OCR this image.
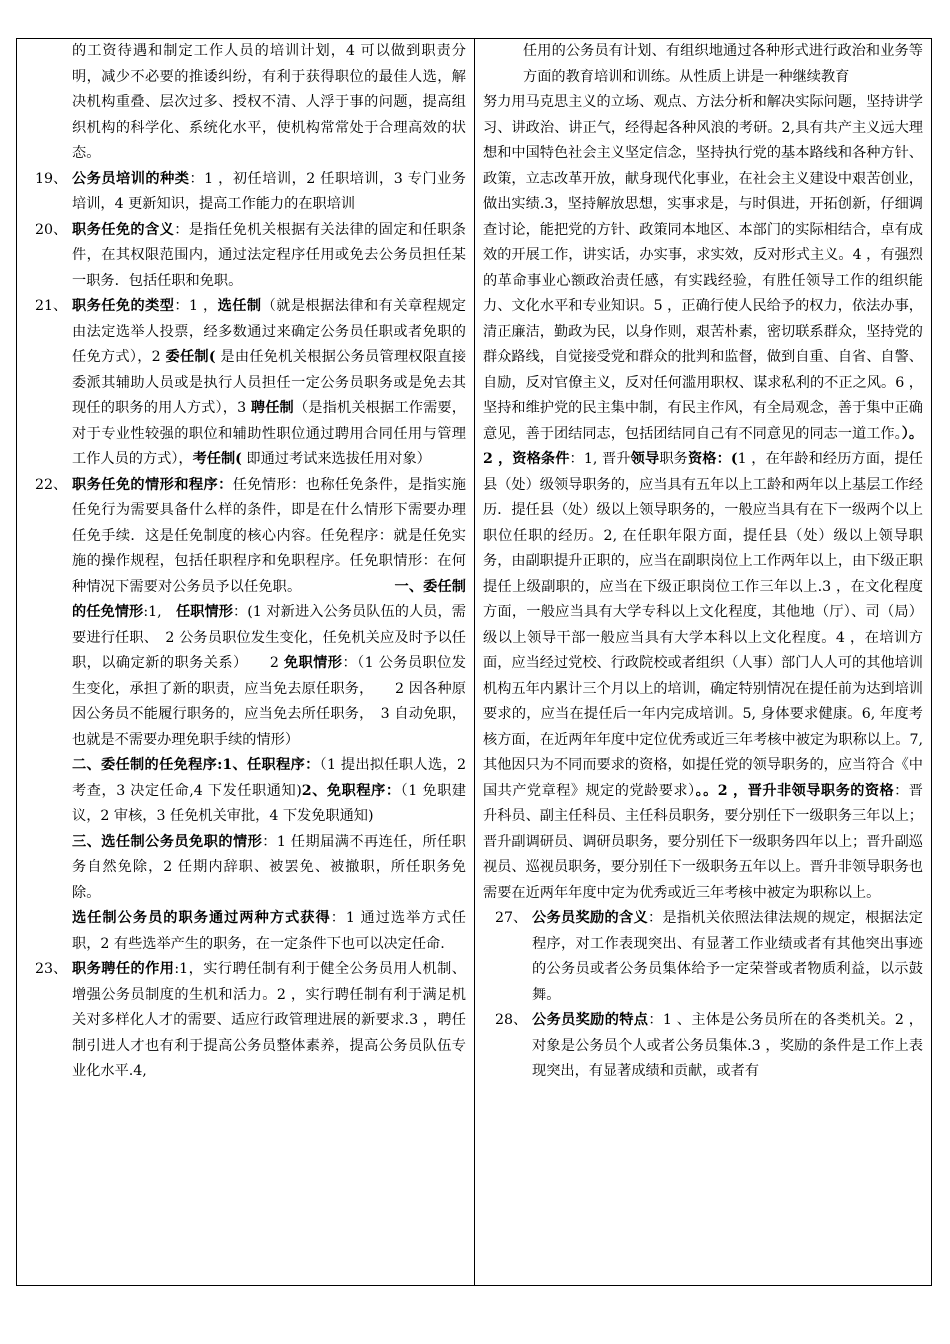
的工资待遇和制定工作人员的培训计划，4 可以做到职责分明，减少不必要的推诿纠纷，有利于获得职位的最佳人选，解决机构重叠、层次过多、授权不清、人浮于事的问题，提高组织机构的科学化、系统化水平，使机构常常处于合理高效的状态。

19、 公务员培训的种类：1 ，初任培训，2 任职培训，3 专门业务培训，4 更新知识，提高工作能力的在职培训
20、 职务任免的含义：是指任免机关根据有关法律的固定和任职条件，在其权限范围内，通过法定程序任用或免去公务员担任某一职务．包括任职和免职。
21、 职务任免的类型：1 ，选任制（就是根据法律和有关章程规定由法定选举人投票，经多数通过来确定公务员任职或者免职的任免方式），2 委任制( 是由任免机关根据公务员管理权限直接委派其辅助人员或是执行人员担任一定公务员职务或是免去其现任的职务的用人方式），3 聘任制（是指机关根据工作需要，对于专业性较强的职位和辅助性职位通过聘用合同任用与管理工作人员的方式），考任制( 即通过考试来选拔任用对象）
22、 职务任免的情形和程序：任免情形：也称任免条件，是指实施任免行为需要具备什么样的条件，即是在什么情形下需要办理任免手续．这是任免制度的核心内容。任免程序：就是任免实施的操作规程，包括任职程序和免职程序。任免职情形：在何种情况下需要对公务员予以任免职。　　　　　　　一、委任制的任免情形:1,　任职情形：(1 对新进入公务员队伍的人员，需要进行任职、　2 公务员职位发生变化，任免机关应及时予以任职，以确定新的职务关系）　　2 免职情形：（1 公务员职位发生变化，承担了新的职责，应当免去原任职务，　　2 因各种原因公务员不能履行职务的，应当免去所任职务，　3 自动免职，也就是不需要办理免职手续的情形）

二、委任制的任免程序:1、任职程序：（1 提出拟任职人选，2 考查，3 决定任命,4 下发任职通知)2、免职程序：（1 免职建议，2 审核，3 任免机关审批，4 下发免职通知)

三、选任制公务员免职的情形：1 任期届满不再连任，所任职务自然免除，2 任期内辞职、被罢免、被撤职，所任职务免除。

选任制公务员的职务通过两种方式获得：1 通过选举方式任职，2 有些选举产生的职务，在一定条件下也可以决定任命.

23、 职务聘任的作用:1，实行聘任制有利于健全公务员用人机制、增强公务员制度的生机和活力。2 ，实行聘任制有利于满足机关对多样化人才的需要、适应行政管理进展的新要求.3 ，聘任制引进人才也有利于提高公务员整体素养，提高公务员队伍专业化水平.4,

任用的公务员有计划、有组织地通过各种形式进行政治和业务等方面的教育培训和训练。从性质上讲是一种继续教育

努力用马克思主义的立场、观点、方法分析和解决实际问题，坚持讲学习、讲政治、讲正气，经得起各种风浪的考研。2,具有共产主义远大理想和中国特色社会主义坚定信念，坚持执行党的基本路线和各种方针、政策，立志改革开放，献身现代化事业，在社会主义建设中艰苦创业，做出实绩.3，坚持解放思想，实事求是，与时俱进，开拓创新，仔细调查讨论，能把党的方针、政策同本地区、本部门的实际相结合，卓有成效的开展工作，讲实话，办实事，求实效，反对形式主义。4 ，有强烈的革命事业心额政治责任感，有实践经验，有胜任领导工作的组织能力、文化水平和专业知识。5 ，正确行使人民给予的权力，依法办事，清正廉洁，勤政为民，以身作则，艰苦朴素，密切联系群众，坚持党的群众路线，自觉接受党和群众的批判和监督，做到自重、自省、自警、自励，反对官僚主义，反对任何滥用职权、谋求私利的不正之风。6 ，坚持和维护党的民主集中制，有民主作风，有全局观念，善于集中正确意见，善于团结同志，包括团结同自己有不同意见的同志一道工作。）。2 ，资格条件：1, 晋升领导职务资格：(1 ，在年龄和经历方面，提任县（处）级领导职务的，应当具有五年以上工龄和两年以上基层工作经历．提任县（处）级以上领导职务的，一般应当具有在下一级两个以上职位任职的经历。2, 在任职年限方面，提任县（处）级以上领导职务，由副职提升正职的，应当在副职岗位上工作两年以上，由下级正职提任上级副职的，应当在下级正职岗位工作三年以上.3 ，在文化程度方面，一般应当具有大学专科以上文化程度，其他地（厅）、司（局）级以上领导干部一般应当具有大学本科以上文化程度。4 ，在培训方面，应当经过党校、行政院校或者组织（人事）部门人人可的其他培训机构五年内累计三个月以上的培训，确定特别情况在提任前为达到培训要求的，应当在提任后一年内完成培训。5, 身体要求健康。6, 年度考核方面，在近两年年度中定位优秀或近三年考核中被定为职称以上。7, 其他因只为不同而要求的资格，如提任党的领导职务的，应当符合《中国共产党章程》规定的党龄要求）。。2 ，晋升非领导职务的资格：晋升科员、副主任科员、主任科员职务，要分别任下一级职务三年以上；晋升副调研员、调研员职务，要分别任下一级职务四年以上；晋升副巡视员、巡视员职务，要分别任下一级职务五年以上。晋升非领导职务也需要在近两年年度中定为优秀或近三年考核中被定为职称以上。

27、 公务员奖励的含义：是指机关依照法律法规的规定，根据法定程序，对工作表现突出、有显著工作业绩或者有其他突出事迹的公务员或者公务员集体给予一定荣誉或者物质利益，以示鼓舞。
28、 公务员奖励的特点：1 、主体是公务员所在的各类机关。2 ，对象是公务员个人或者公务员集体.3 ，奖励的条件是工作上表现突出，有显著成绩和贡献，或者有
